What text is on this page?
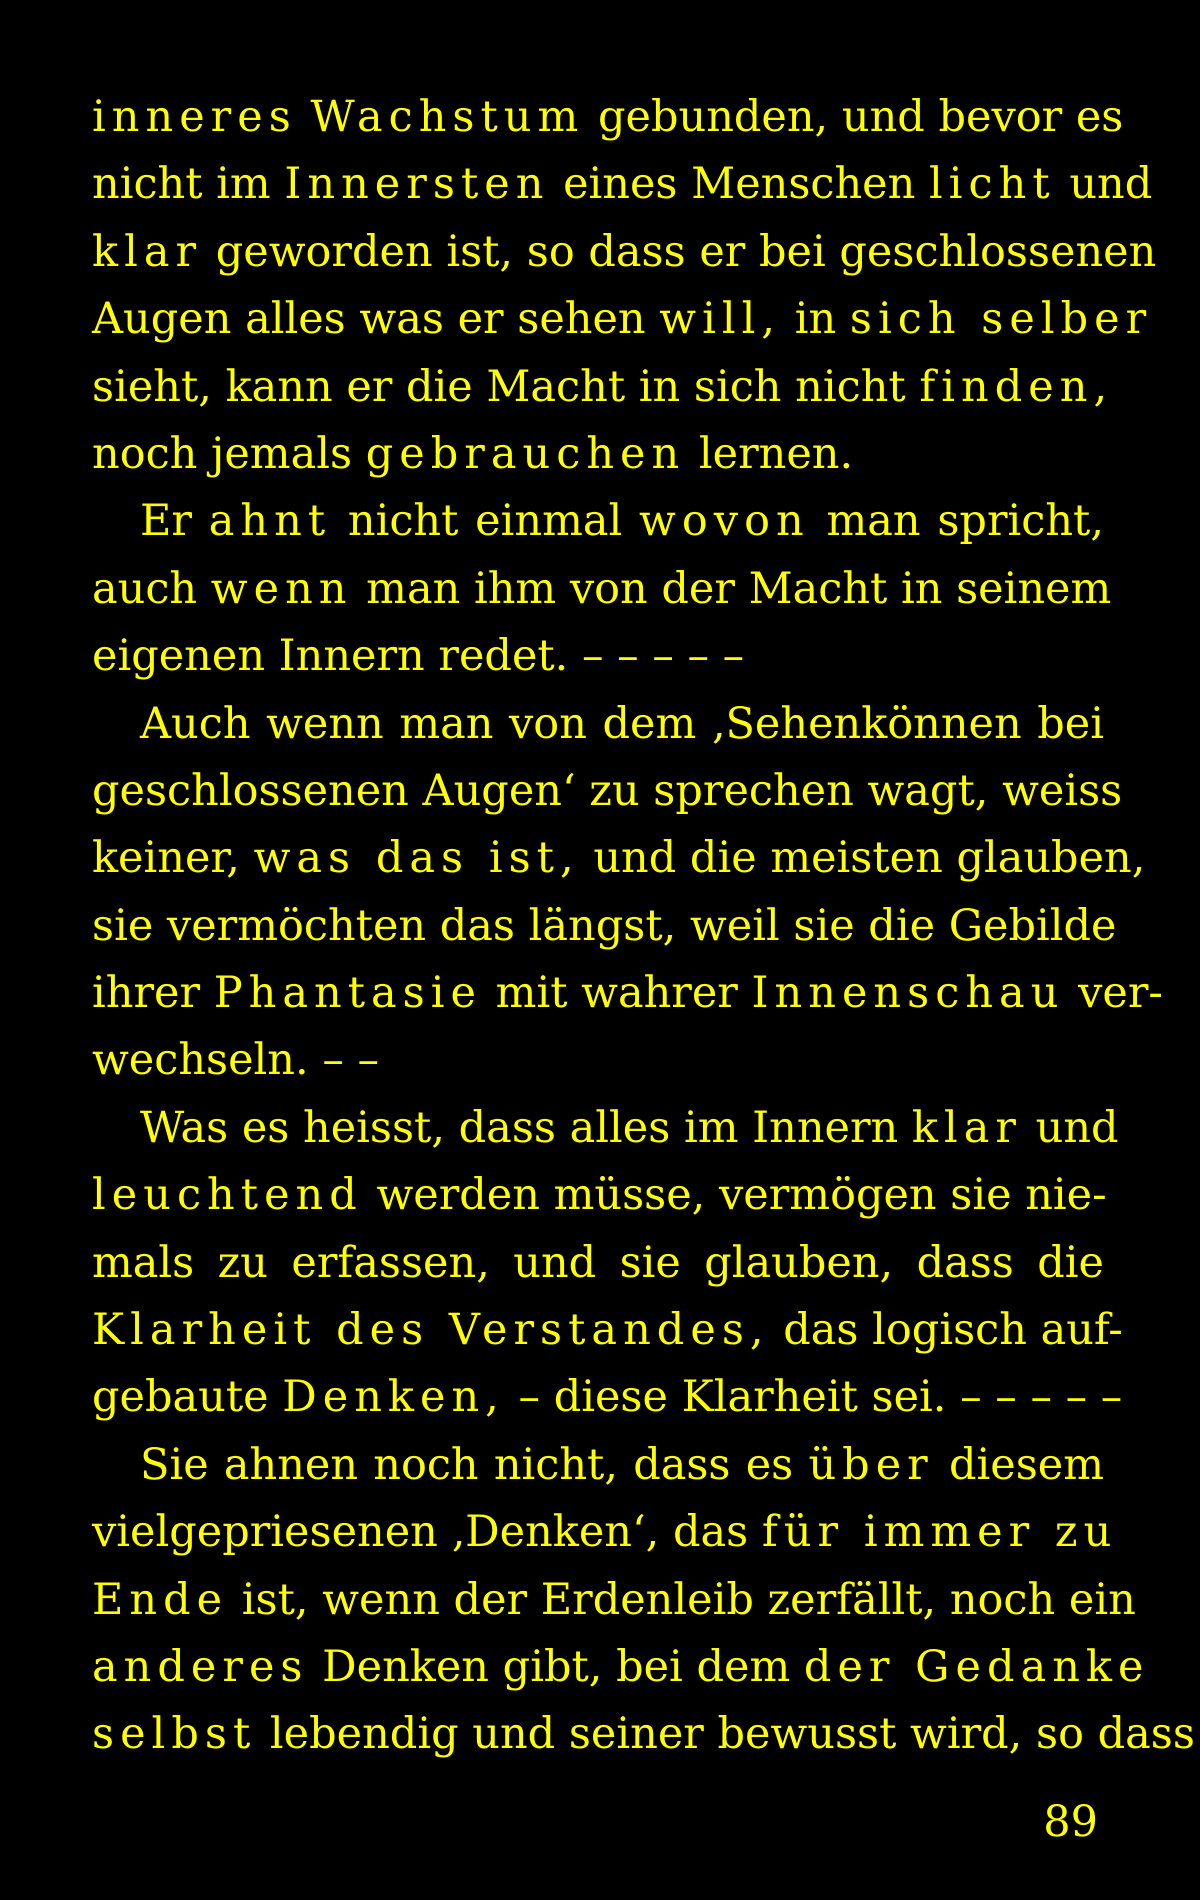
inneres Wachstum gebunden, und bevor es
nicht im Innersten eines Menschen licht und
klar geworden ist, so dass er bei geschlossenen
Augen alles was er sehen will, in sich selber
sieht, kann er die Macht in sich nicht finden,
noch jemals gebrauchen lernen.
Er ahnt nicht einmal wovon man spricht,
auch wenn man ihm von der Macht in seinem
eigenen Innern redet. – – – – –
Auch wenn man von dem ‚Sehenkönnen bei
geschlossenen Augen‘ zu sprechen wagt, weiss
keiner, was das ist, und die meisten glauben,
sie vermöchten das längst, weil sie die Gebilde
ihrer Phantasie mit wahrer Innenschau ver-
wechseln. – –
Was es heisst, dass alles im Innern klar und
leuchtend werden müsse, vermögen sie nie-
mals zu erfassen, und sie glauben, dass die
Klarheit des Verstandes, das logisch auf-
gebaute Denken, – diese Klarheit sei. – – – – –
Sie ahnen noch nicht, dass es über diesem
vielgepriesenen ‚Denken‘, das für immer zu
Ende ist, wenn der Erdenleib zerfällt, noch ein
anderes Denken gibt, bei dem der Gedanke
selbst lebendig und seiner bewusst wird, so dass
89
